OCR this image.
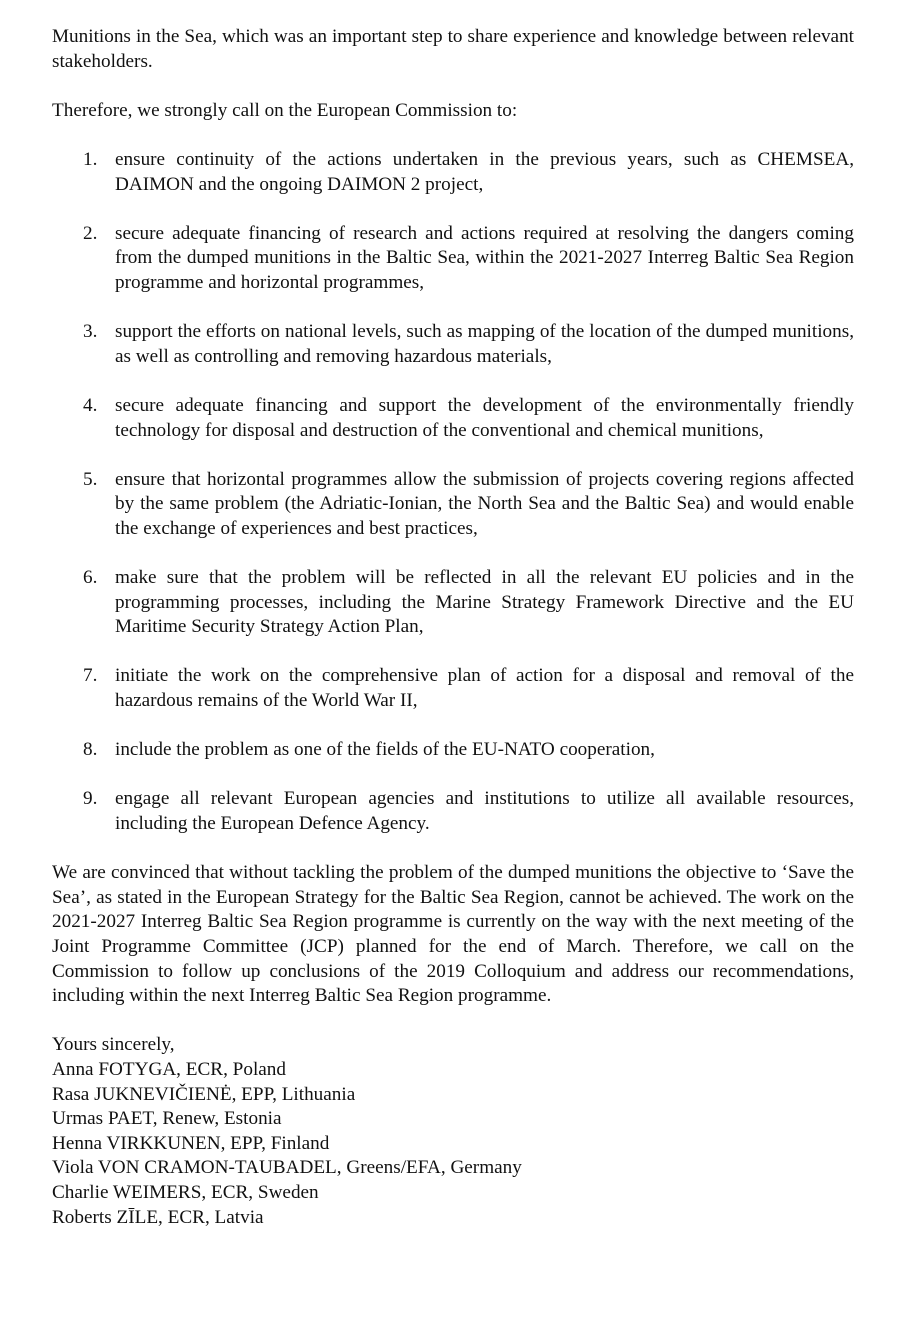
Munitions in the Sea, which was an important step to share experience and knowledge between relevant stakeholders.

Therefore, we strongly call on the European Commission to:

1. ensure continuity of the actions undertaken in the previous years, such as CHEMSEA, DAIMON and the ongoing DAIMON 2 project,
2. secure adequate financing of research and actions required at resolving the dangers coming from the dumped munitions in the Baltic Sea, within the 2021-2027 Interreg Baltic Sea Region programme and horizontal programmes,
3. support the efforts on national levels, such as mapping of the location of the dumped munitions, as well as controlling and removing hazardous materials,
4. secure adequate financing and support the development of the environmentally friendly technology for disposal and destruction of the conventional and chemical munitions,
5. ensure that horizontal programmes allow the submission of projects covering regions affected by the same problem (the Adriatic-Ionian, the North Sea and the Baltic Sea) and would enable the exchange of experiences and best practices,
6. make sure that the problem will be reflected in all the relevant EU policies and in the programming processes, including the Marine Strategy Framework Directive and the EU Maritime Security Strategy Action Plan,
7. initiate the work on the comprehensive plan of action for a disposal and removal of the hazardous remains of the World War II,
8. include the problem as one of the fields of the EU-NATO cooperation,
9. engage all relevant European agencies and institutions to utilize all available resources, including the European Defence Agency.

We are convinced that without tackling the problem of the dumped munitions the objective to ‘Save the Sea’, as stated in the European Strategy for the Baltic Sea Region, cannot be achieved. The work on the 2021-2027 Interreg Baltic Sea Region programme is currently on the way with the next meeting of the Joint Programme Committee (JCP) planned for the end of March. Therefore, we call on the Commission to follow up conclusions of the 2019 Colloquium and address our recommendations, including within the next Interreg Baltic Sea Region programme.

Yours sincerely,
Anna FOTYGA, ECR, Poland
Rasa JUKNEVIČIENĖ, EPP, Lithuania
Urmas PAET, Renew, Estonia
Henna VIRKKUNEN, EPP, Finland
Viola VON CRAMON-TAUBADEL, Greens/EFA, Germany
Charlie WEIMERS, ECR, Sweden
Roberts ZĪLE, ECR, Latvia
